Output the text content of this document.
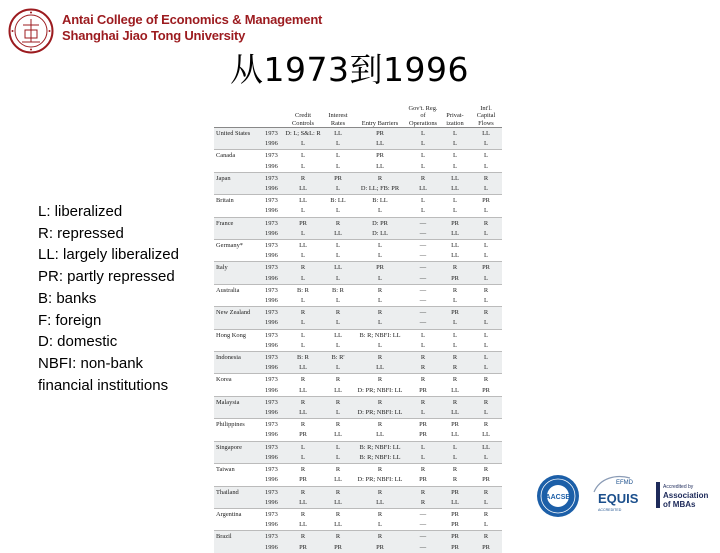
Antai College of Economics & Management
Shanghai Jiao Tong University
从1973到1996
L: liberalized
R: repressed
LL: largely liberalized
PR: partly repressed
B: banks
F: foreign
D: domestic
NBFI: non-bank
financial institutions
		Credit Controls	Interest Rates	Entry Barriers	Gov't. Reg. of Operations	Privat-ization	Int'l. Capital Flows
United States	1973	D: L; S&L: R	LL	PR	L	L	LL
	1996	L	L	LL	L	L	L
Canada	1973	L	L	PR	L	L	L
	1996	L	L	LL	L	L	L
Japan	1973	R	PR	R	R	LL	R
	1996	LL	L	D: LL; FB: PR	LL	LL	L
Britain	1973	LL	B: LL	B: LL	L	L	PR
	1996	L	L	L	L	L	L
France	1973	PR	R	D: PR	—	PR	R
	1996	L	LL	D: LL	—	LL	L
Germany*	1973	LL	L	L	—	LL	L
	1996	L	L	L	—	LL	L
Italy	1973	R	LL	PR	—	R	PR
	1996	L	L	L	—	PR	L
Australia	1973	B: R	B: R	R	—	R	R
	1996	L	L	L	—	L	L
New Zealand	1973	R	R	R	—	PR	R
	1996	L	L	L	—	L	L
Hong Kong	1973	L	LL	B: R; NBFI: LL	L	L	L
	1996	L	L	L	L	L	L
Indonesia	1973	B: R	B: R'	R	R	R	L
	1996	LL	L	LL	R	R	L
Korea	1973	R	R	R	R	R	R
	1996	LL	LL	D: PR; NBFI: LL	PR	LL	PR
Malaysia	1973	R	R	R	R	R	R
	1996	LL	L	D: PR; NBFI: LL	L	LL	L
Philippines	1973	R	R	R	PR	PR	R
	1996	PR	LL	LL	PR	LL	LL
Singapore	1973	L	L	B: R; NBFI: LL	L	L	LL
	1996	L	L	B: R; NBFI: LL	L	L	L
Taiwan	1973	R	R	R	R	R	R
	1996	PR	LL	D: PR; NBFI: LL	PR	R	PR
Thailand	1973	R	R	R	R	PR	R
	1996	LL	LL	LL	R	LL	L
Argentina	1973	R	R	R	—	PR	R
	1996	LL	LL	L	—	PR	L
Brazil	1973	R	R	R	—	PR	R
	1996	PR	PR	PR	—	PR	PR
AACSB
EFMD
EQUIS
ACCREDITED
Accredited by
Association
of MBAs
